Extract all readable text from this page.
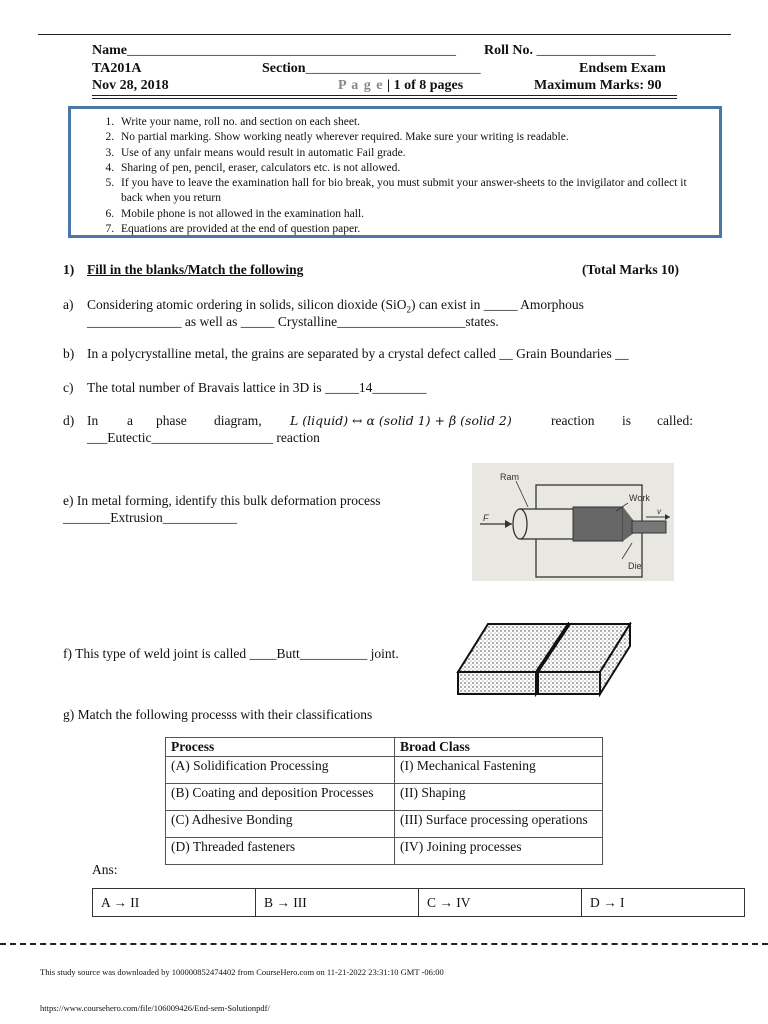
Name_______________________________________________ Roll No. _________________
TA201A	Section_________________________	Endsem Exam
Nov 28, 2018	P a g e | 1 of 8 pages	Maximum Marks: 90
1. Write your name, roll no. and section on each sheet.
2. No partial marking. Show working neatly wherever required. Make sure your writing is readable.
3. Use of any unfair means would result in automatic Fail grade.
4. Sharing of pen, pencil, eraser, calculators etc. is not allowed.
5. If you have to leave the examination hall for bio break, you must submit your answer-sheets to the invigilator and collect it back when you return
6. Mobile phone is not allowed in the examination hall.
7. Equations are provided at the end of question paper.
1) Fill in the blanks/Match the following	(Total Marks 10)
a) Considering atomic ordering in solids, silicon dioxide (SiO$_2$) can exist in _____ Amorphous
______________ as well as _____ Crystalline___________________states.
b) In a polycrystalline metal, the grains are separated by a crystal defect called __ Grain Boundaries __
c) The total number of Bravais lattice in 3D is _____14________
d) In a phase diagram, L (liquid) ↔ α (solid 1) + β (solid 2)	reaction is called:
___Eutectic__________________ reaction
e) In metal forming, identify this bulk deformation process
_______Extrusion___________
Ram
Work
F
v
Die
f) This type of weld joint is called ____Butt__________ joint.
g) Match the following processs with their classifications
Process	Broad Class
(A) Solidification Processing	(I) Mechanical Fastening
(B) Coating and deposition Processes	(II) Shaping
(C) Adhesive Bonding	(III) Surface processing operations
(D) Threaded fasteners	(IV) Joining processes
Ans:
A → II	B → III	C → IV	D → I
This study source was downloaded by 100000852474402 from CourseHero.com on 11-21-2022 23:31:10 GMT -06:00
https://www.coursehero.com/file/106009426/End-sem-Solutionpdf/
